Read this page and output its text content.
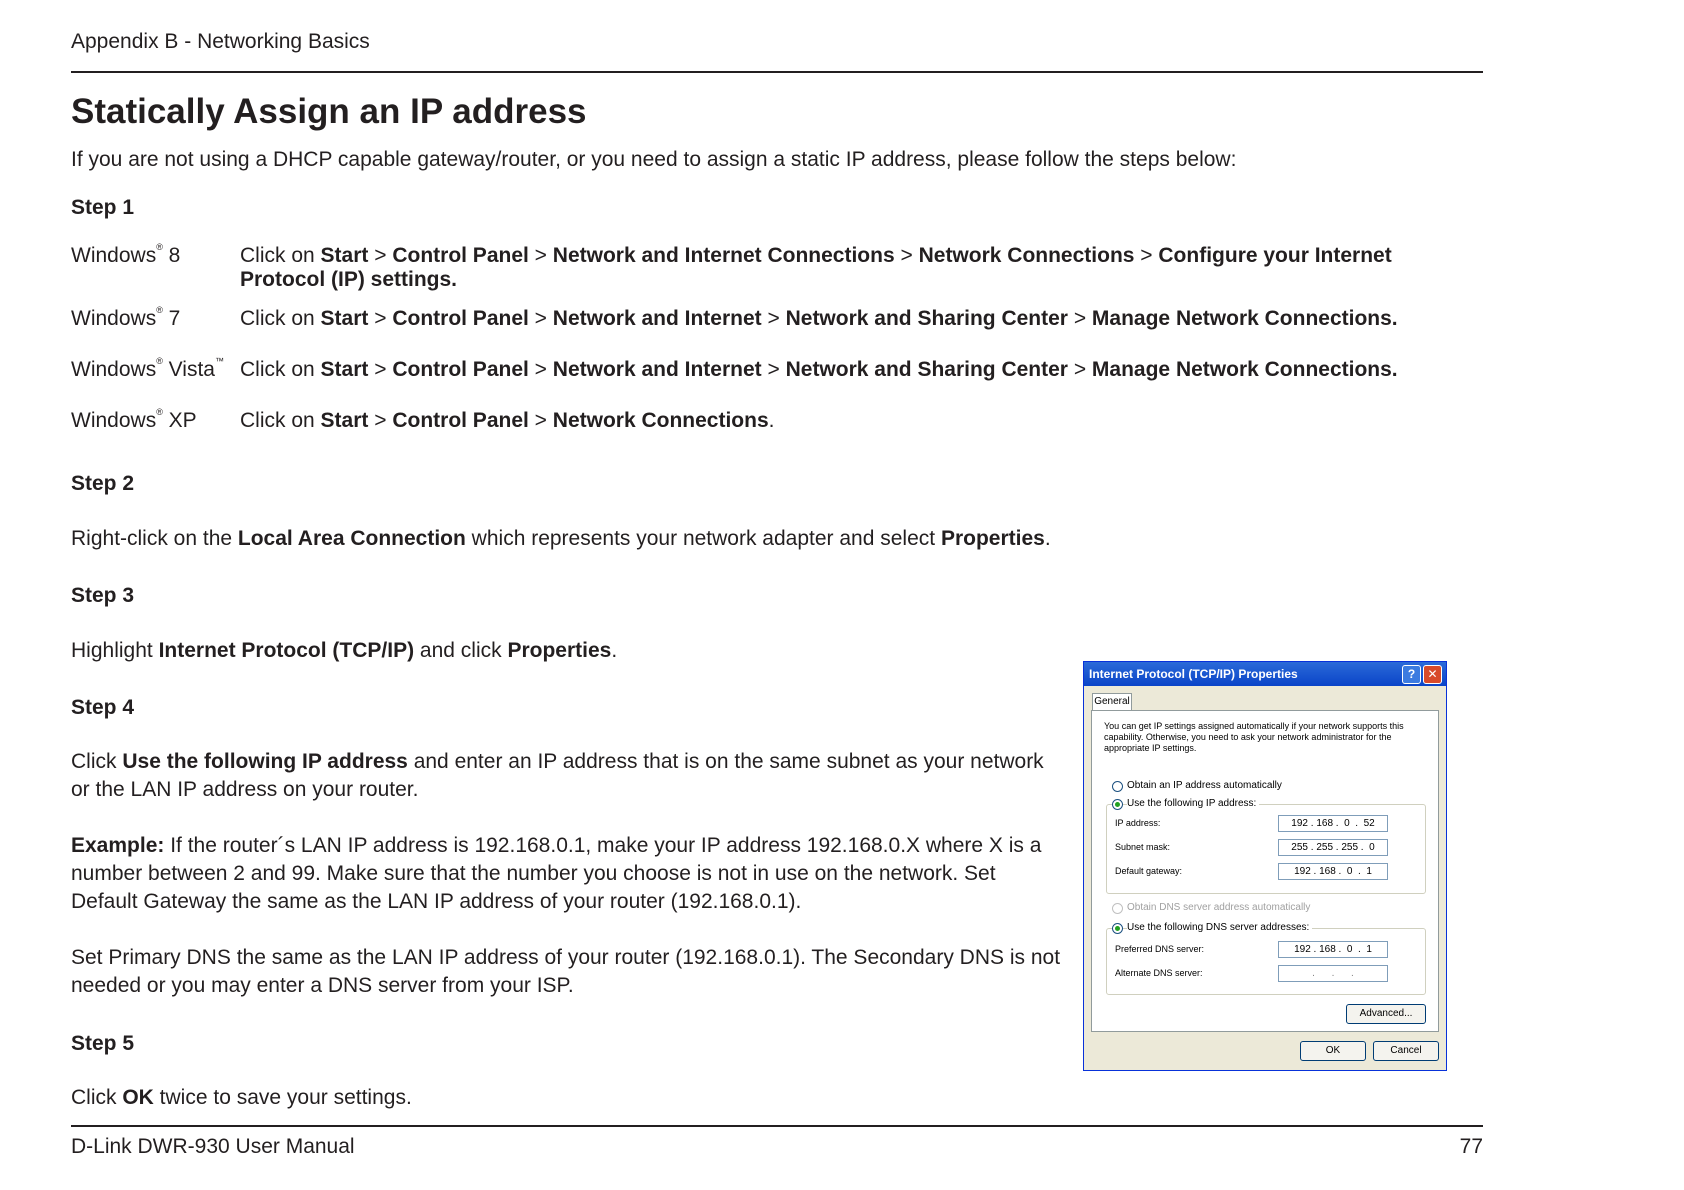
Appendix B - Networking Basics
Statically Assign an IP address
If you are not using a DHCP capable gateway/router, or you need to assign a static IP address, please follow the steps below:
Step 1
Windows® 8	Click on Start > Control Panel > Network and Internet Connections > Network Connections > Configure your Internet Protocol (IP) settings.
Windows® 7	Click on Start > Control Panel > Network and Internet > Network and Sharing Center > Manage Network Connections.
Windows® Vista™ Click on Start > Control Panel > Network and Internet > Network and Sharing Center > Manage Network Connections.
Windows® XP Click on Start > Control Panel > Network Connections.
Step 2
Right-click on the Local Area Connection which represents your network adapter and select Properties.
Step 3
Highlight Internet Protocol (TCP/IP) and click Properties.
Step 4
Click Use the following IP address and enter an IP address that is on the same subnet as your network or the LAN IP address on your router.
Example: If the router´s LAN IP address is 192.168.0.1, make your IP address 192.168.0.X where X is a number between 2 and 99. Make sure that the number you choose is not in use on the network. Set Default Gateway the same as the LAN IP address of your router (192.168.0.1).
Set Primary DNS the same as the LAN IP address of your router (192.168.0.1). The Secondary DNS is not needed or you may enter a DNS server from your ISP.
Step 5
Click OK twice to save your settings.
D-Link DWR-930 User Manual	77
Internet Protocol (TCP/IP) Properties	?	✕
General
You can get IP settings assigned automatically if your network supports this capability. Otherwise, you need to ask your network administrator for the appropriate IP settings.
Obtain an IP address automatically
Use the following IP address:
IP address:	192 . 168 .  0  .  52
Subnet mask:	255 . 255 . 255 .  0
Default gateway:	192 . 168 .  0  .  1
Obtain DNS server address automatically
Use the following DNS server addresses:
Preferred DNS server:	192 . 168 .  0  .  1
Alternate DNS server:	.      .      .
Advanced...
OK	Cancel
